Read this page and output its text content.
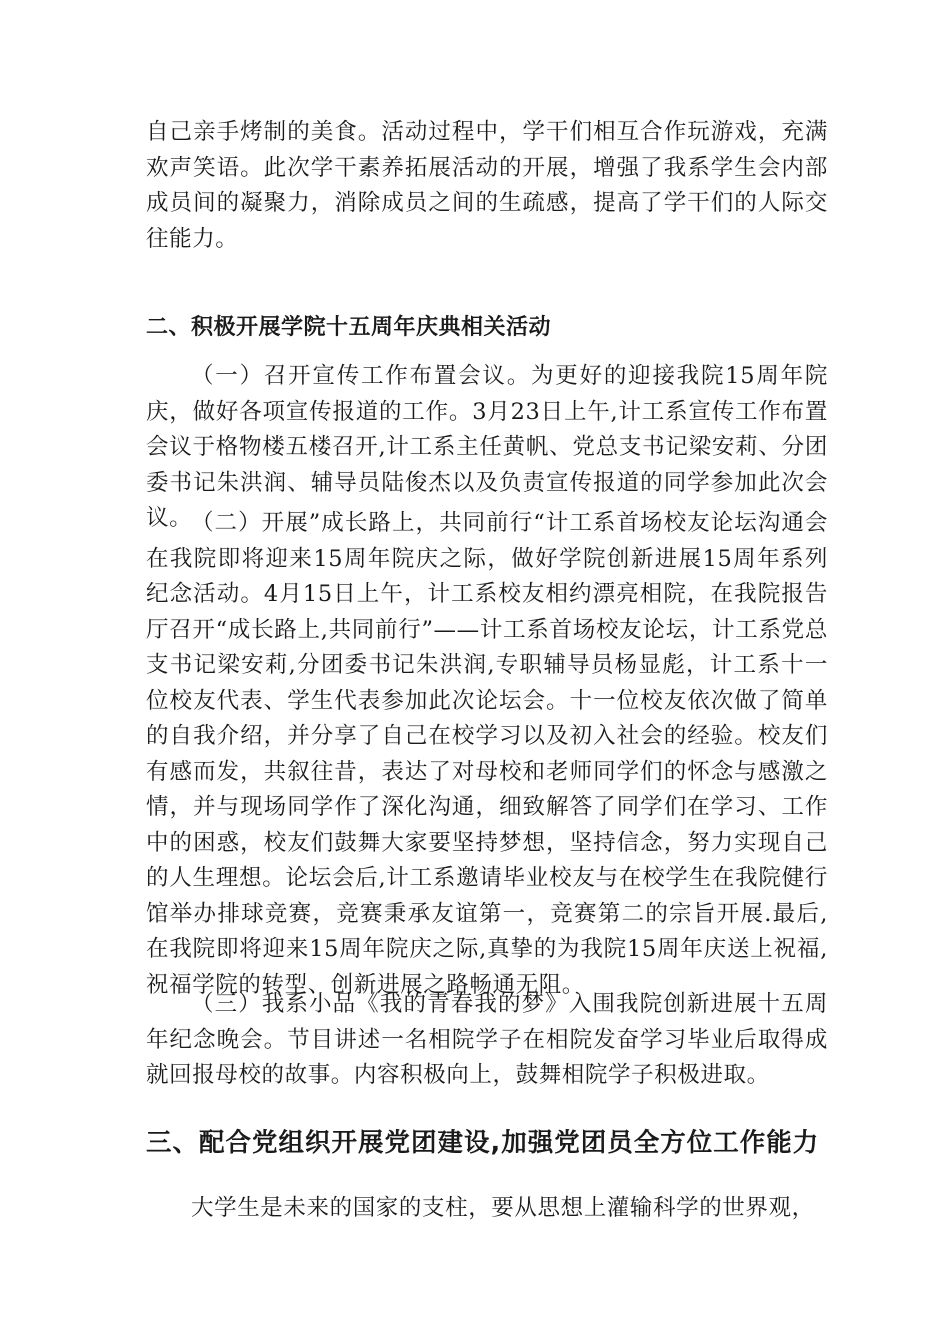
自己亲手烤制的美食。活动过程中，学干们相互合作玩游戏，充满欢声笑语。此次学干素养拓展活动的开展，增强了我系学生会内部成员间的凝聚力，消除成员之间的生疏感，提高了学干们的人际交往能力。

二、积极开展学院十五周年庆典相关活动

（一）召开宣传工作布置会议。为更好的迎接我院15周年院庆，做好各项宣传报道的工作。3月23日上午,计工系宣传工作布置会议于格物楼五楼召开,计工系主任黄帆、党总支书记梁安莉、分团委书记朱洪润、辅导员陆俊杰以及负责宣传报道的同学参加此次会议。

（二）开展”成长路上，共同前行“计工系首场校友论坛沟通会在我院即将迎来15周年院庆之际，做好学院创新进展15周年系列纪念活动。4月15日上午，计工系校友相约漂亮相院，在我院报告厅召开“成长路上,共同前行”——计工系首场校友论坛，计工系党总支书记梁安莉,分团委书记朱洪润,专职辅导员杨显彪，计工系十一位校友代表、学生代表参加此次论坛会。十一位校友依次做了简单的自我介绍，并分享了自己在校学习以及初入社会的经验。校友们有感而发，共叙往昔，表达了对母校和老师同学们的怀念与感激之情，并与现场同学作了深化沟通，细致解答了同学们在学习、工作中的困惑，校友们鼓舞大家要坚持梦想，坚持信念，努力实现自己的人生理想。论坛会后,计工系邀请毕业校友与在校学生在我院健行馆举办排球竞赛，竞赛秉承友谊第一，竞赛第二的宗旨开展.最后,在我院即将迎来15周年院庆之际,真挚的为我院15周年庆送上祝福,祝福学院的转型、创新进展之路畅通无阻。

（三）我系小品《我的青春我的梦》入围我院创新进展十五周年纪念晚会。节目讲述一名相院学子在相院发奋学习毕业后取得成就回报母校的故事。内容积极向上，鼓舞相院学子积极进取。

三、配合党组织开展党团建设,加强党团员全方位工作能力

大学生是未来的国家的支柱，要从思想上灌输科学的世界观，
